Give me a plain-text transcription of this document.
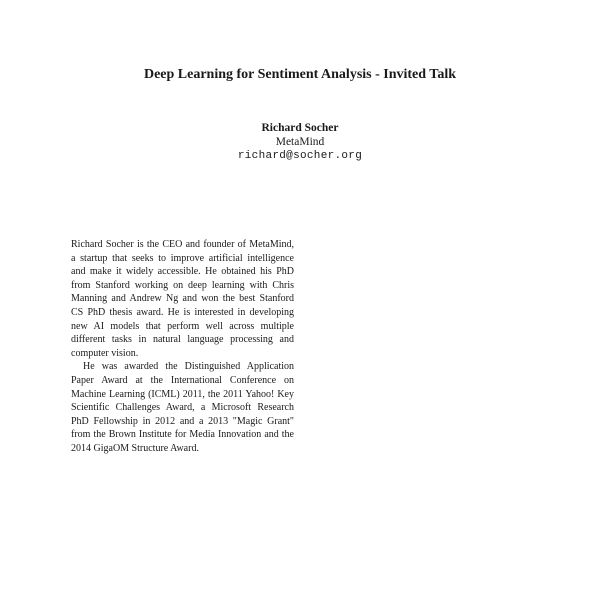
Deep Learning for Sentiment Analysis - Invited Talk
Richard Socher
MetaMind
richard@socher.org

Richard Socher is the CEO and founder of MetaMind, a startup that seeks to improve artificial intelligence and make it widely accessible. He obtained his PhD from Stanford working on deep learning with Chris Manning and Andrew Ng and won the best Stanford CS PhD thesis award. He is interested in developing new AI models that perform well across multiple different tasks in natural language processing and computer vision.

He was awarded the Distinguished Application Paper Award at the International Conference on Machine Learning (ICML) 2011, the 2011 Yahoo! Key Scientific Challenges Award, a Microsoft Research PhD Fellowship in 2012 and a 2013 "Magic Grant" from the Brown Institute for Media Innovation and the 2014 GigaOM Structure Award.
